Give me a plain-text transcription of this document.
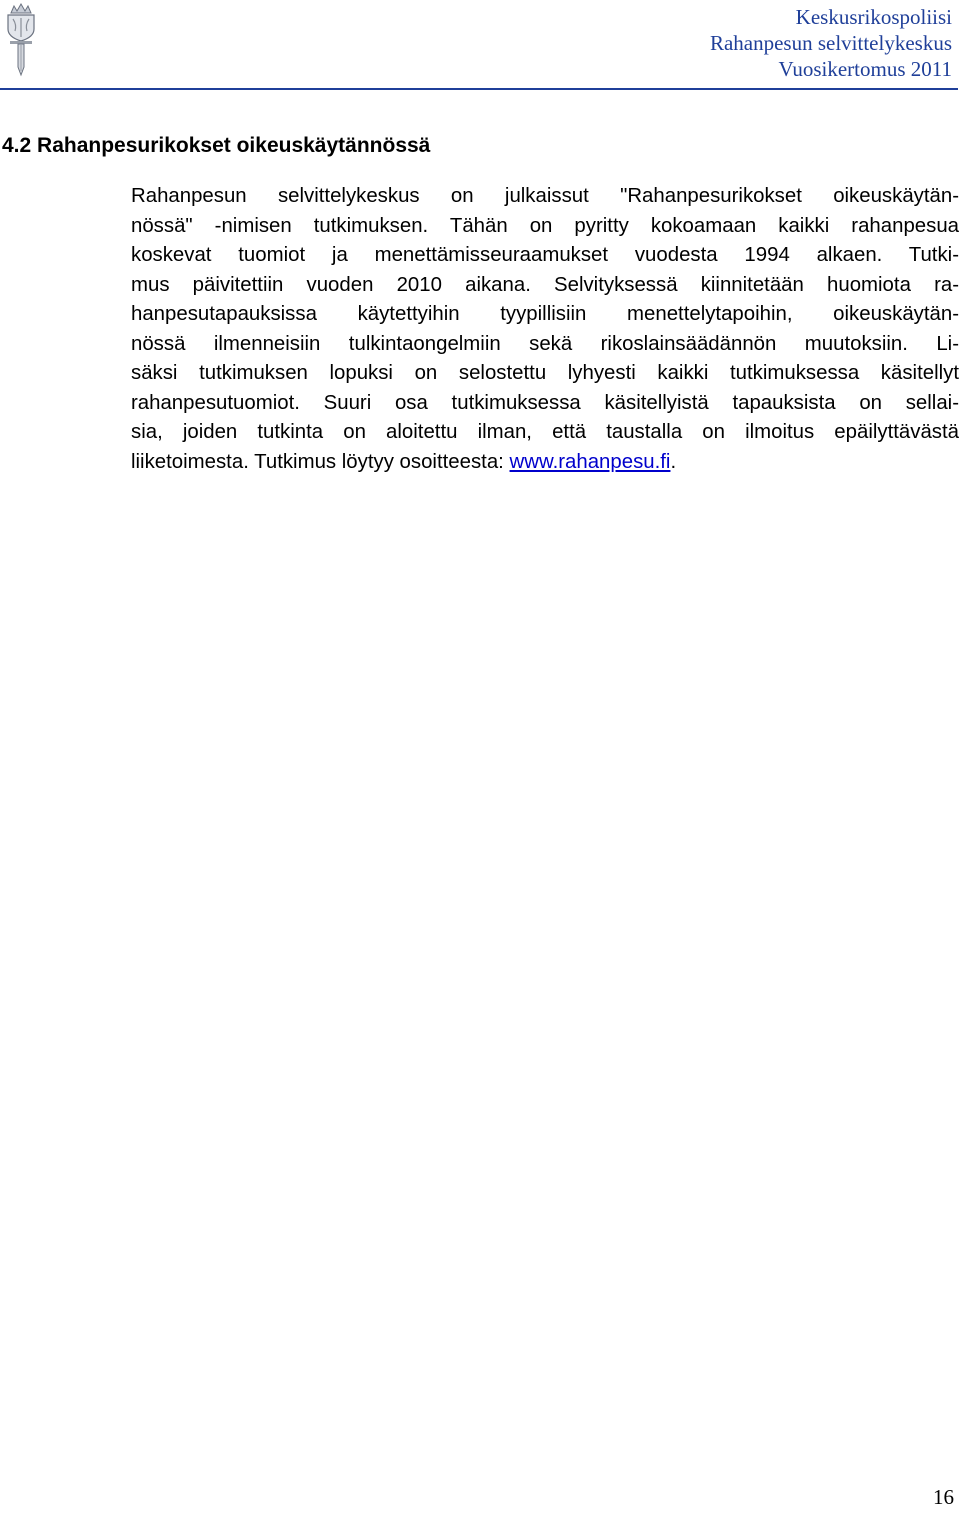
Keskusrikospoliisi
Rahanpesun selvittelykeskus
Vuosikertomus 2011
4.2 Rahanpesurikokset oikeuskäytännössä

Rahanpesun selvittelykeskus on julkaissut "Rahanpesurikokset oikeuskäytän-
nössä" -nimisen tutkimuksen. Tähän on pyritty kokoamaan kaikki rahanpesua
koskevat tuomiot ja menettämisseuraamukset vuodesta 1994 alkaen. Tutki-
mus päivitettiin vuoden 2010 aikana. Selvityksessä kiinnitetään huomiota ra-
hanpesutapauksissa käytettyihin tyypillisiin menettelytapoihin, oikeuskäytän-
nössä ilmenneisiin tulkintaongelmiin sekä rikoslainsäädännön muutoksiin. Li-
säksi tutkimuksen lopuksi on selostettu lyhyesti kaikki tutkimuksessa käsitellyt
rahanpesutuomiot. Suuri osa tutkimuksessa käsitellyistä tapauksista on sellai-
sia, joiden tutkinta on aloitettu ilman, että taustalla on ilmoitus epäilyttävästä
liiketoimesta. Tutkimus löytyy osoitteesta: www.rahanpesu.fi.

16
